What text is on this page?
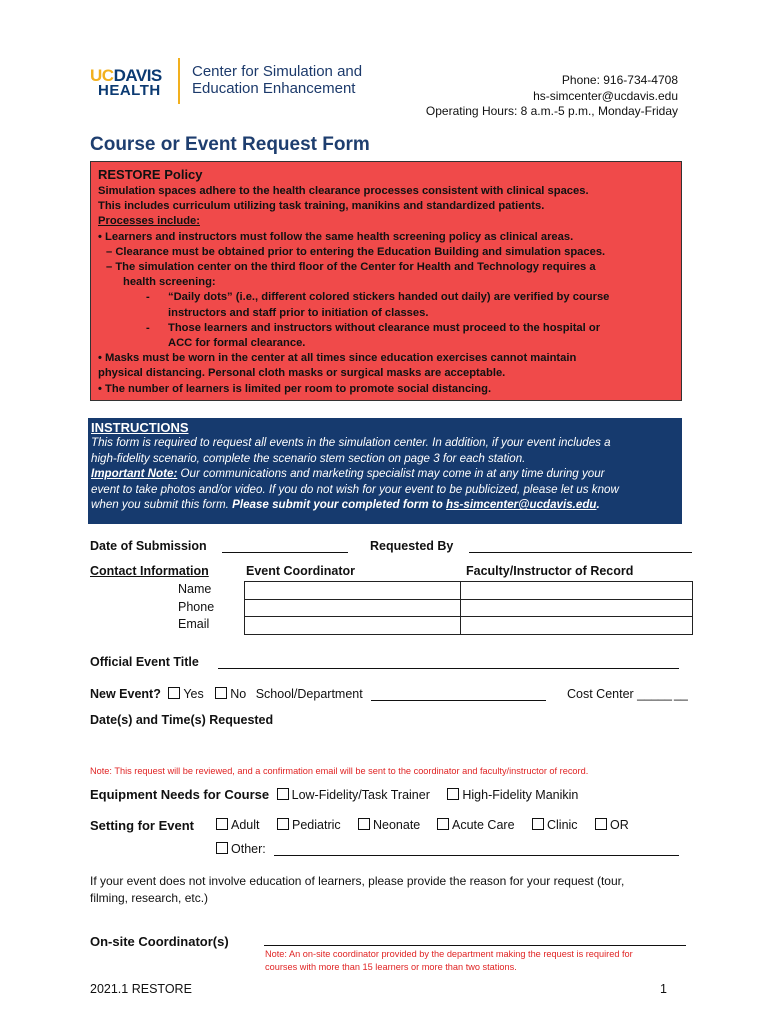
UCDAVIS
HEALTH
Center for Simulation and
Education Enhancement	Phone: 916-734-4708
hs-simcenter@ucdavis.edu
Operating Hours: 8 a.m.-5 p.m., Monday-Friday
Course or Event Request Form
RESTORE Policy
Simulation spaces adhere to the health clearance processes consistent with clinical spaces.
This includes curriculum utilizing task training, manikins and standardized patients.
Processes include:
• Learners and instructors must follow the same health screening policy as clinical areas.
– Clearance must be obtained prior to entering the Education Building and simulation spaces.
– The simulation center on the third floor of the Center for Health and Technology requires a
health screening:
-	“Daily dots” (i.e., different colored stickers handed out daily) are verified by course
instructors and staff prior to initiation of classes.
-	Those learners and instructors without clearance must proceed to the hospital or
ACC for formal clearance.
• Masks must be worn in the center at all times since education exercises cannot maintain
physical distancing. Personal cloth masks or surgical masks are acceptable.
• The number of learners is limited per room to promote social distancing.
INSTRUCTIONS
This form is required to request all events in the simulation center. In addition, if your event includes a
high-fidelity scenario, complete the scenario stem section on page 3 for each station.
Important Note: Our communications and marketing specialist may come in at any time during your
event to take photos and/or video. If you do not wish for your event to be publicized, please let us know
when you submit this form. Please submit your completed form to hs-simcenter@ucdavis.edu.
Date of Submission	Requested By
Contact Information	Event Coordinator	Faculty/Instructor of Record
Name
Phone
Email

Official Event Title
New Event? Yes No School/Department	Cost Center _____ __
Date(s) and Time(s) Requested
Note: This request will be reviewed, and a confirmation email will be sent to the coordinator and faculty/instructor of record.
Equipment Needs for Course Low-Fidelity/Task Trainer	High-Fidelity Manikin
Setting for Event	Adult	Pediatric	Neonate	Acute Care	Clinic	OR
Other:
If your event does not involve education of learners, please provide the reason for your request (tour,
filming, research, etc.)
On-site Coordinator(s)
Note: An on-site coordinator provided by the department making the request is required for
courses with more than 15 learners or more than two stations.
2021.1 RESTORE	1
